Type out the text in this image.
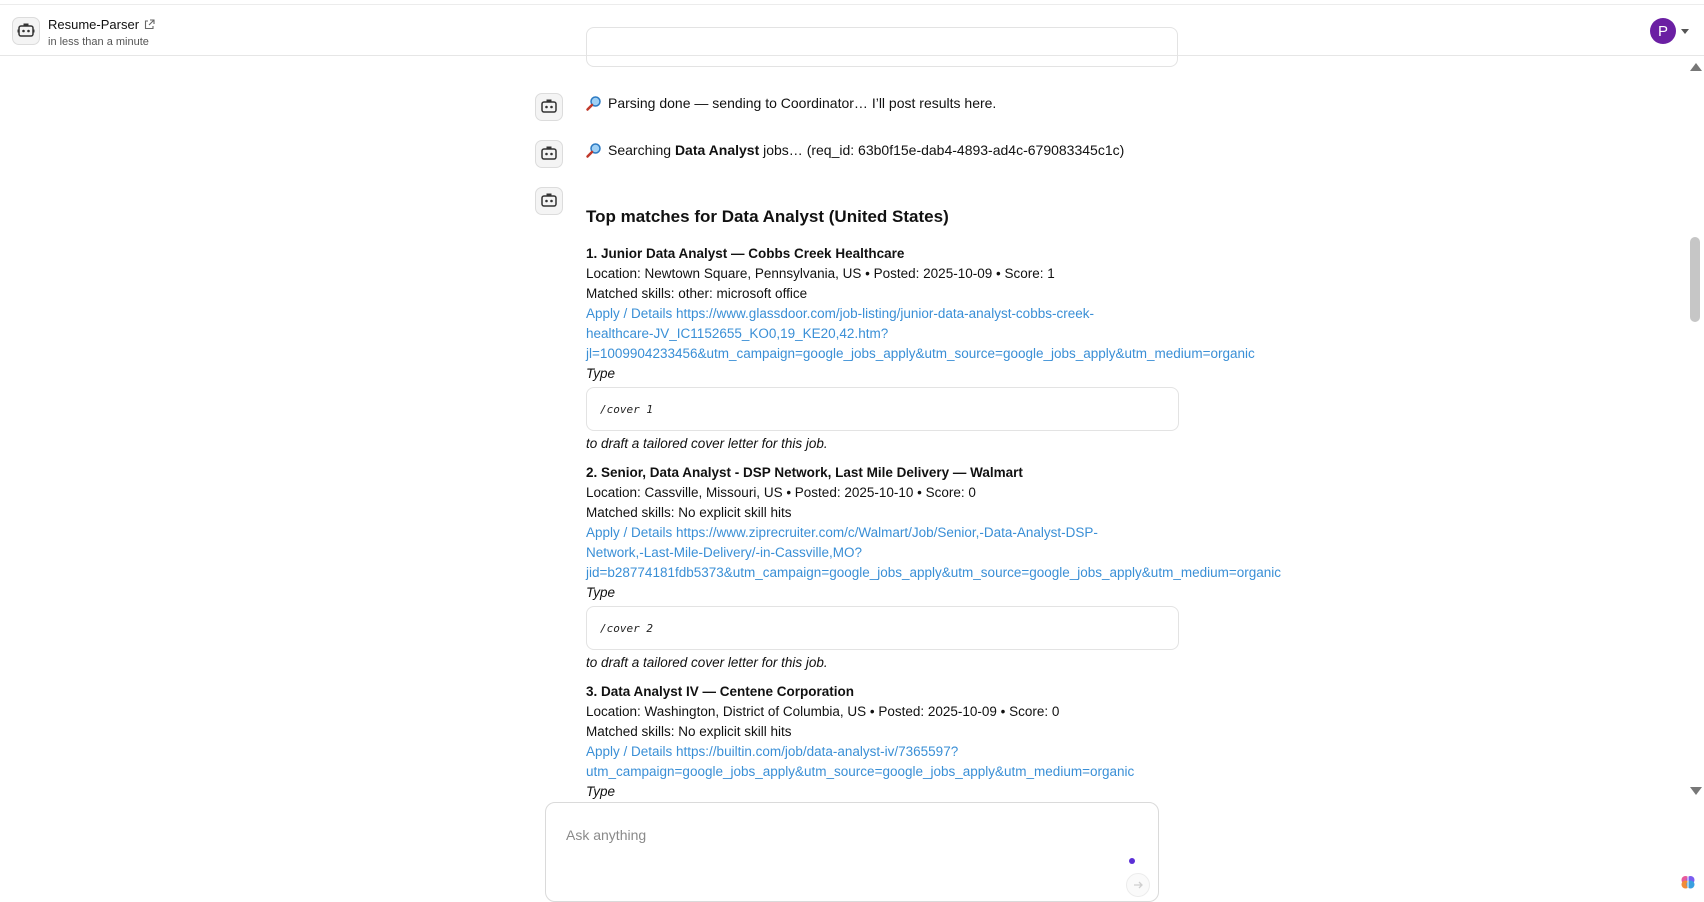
Resume-Parser
in less than a minute
P
Parsing done — sending to Coordinator… I’ll post results here.
Searching Data Analyst jobs… (req_id: 63b0f15e-dab4-4893-ad4c-679083345c1c)
Top matches for Data Analyst (United States)
1. Junior Data Analyst — Cobbs Creek Healthcare
Location: Newtown Square, Pennsylvania, US • Posted: 2025-10-09 • Score: 1
Matched skills: other: microsoft office
Apply / Details https://www.glassdoor.com/job-listing/junior-data-analyst-cobbs-creek-
healthcare-JV_IC1152655_KO0,19_KE20,42.htm?
jl=1009904233456&utm_campaign=google_jobs_apply&utm_source=google_jobs_apply&utm_medium=organic
Type
/cover 1
to draft a tailored cover letter for this job.
2. Senior, Data Analyst - DSP Network, Last Mile Delivery — Walmart
Location: Cassville, Missouri, US • Posted: 2025-10-10 • Score: 0
Matched skills: No explicit skill hits
Apply / Details https://www.ziprecruiter.com/c/Walmart/Job/Senior,-Data-Analyst-DSP-
Network,-Last-Mile-Delivery/-in-Cassville,MO?
jid=b28774181fdb5373&utm_campaign=google_jobs_apply&utm_source=google_jobs_apply&utm_medium=organic
Type
/cover 2
to draft a tailored cover letter for this job.
3. Data Analyst IV — Centene Corporation
Location: Washington, District of Columbia, US • Posted: 2025-10-09 • Score: 0
Matched skills: No explicit skill hits
Apply / Details https://builtin.com/job/data-analyst-iv/7365597?
utm_campaign=google_jobs_apply&utm_source=google_jobs_apply&utm_medium=organic
Type
Ask anything
